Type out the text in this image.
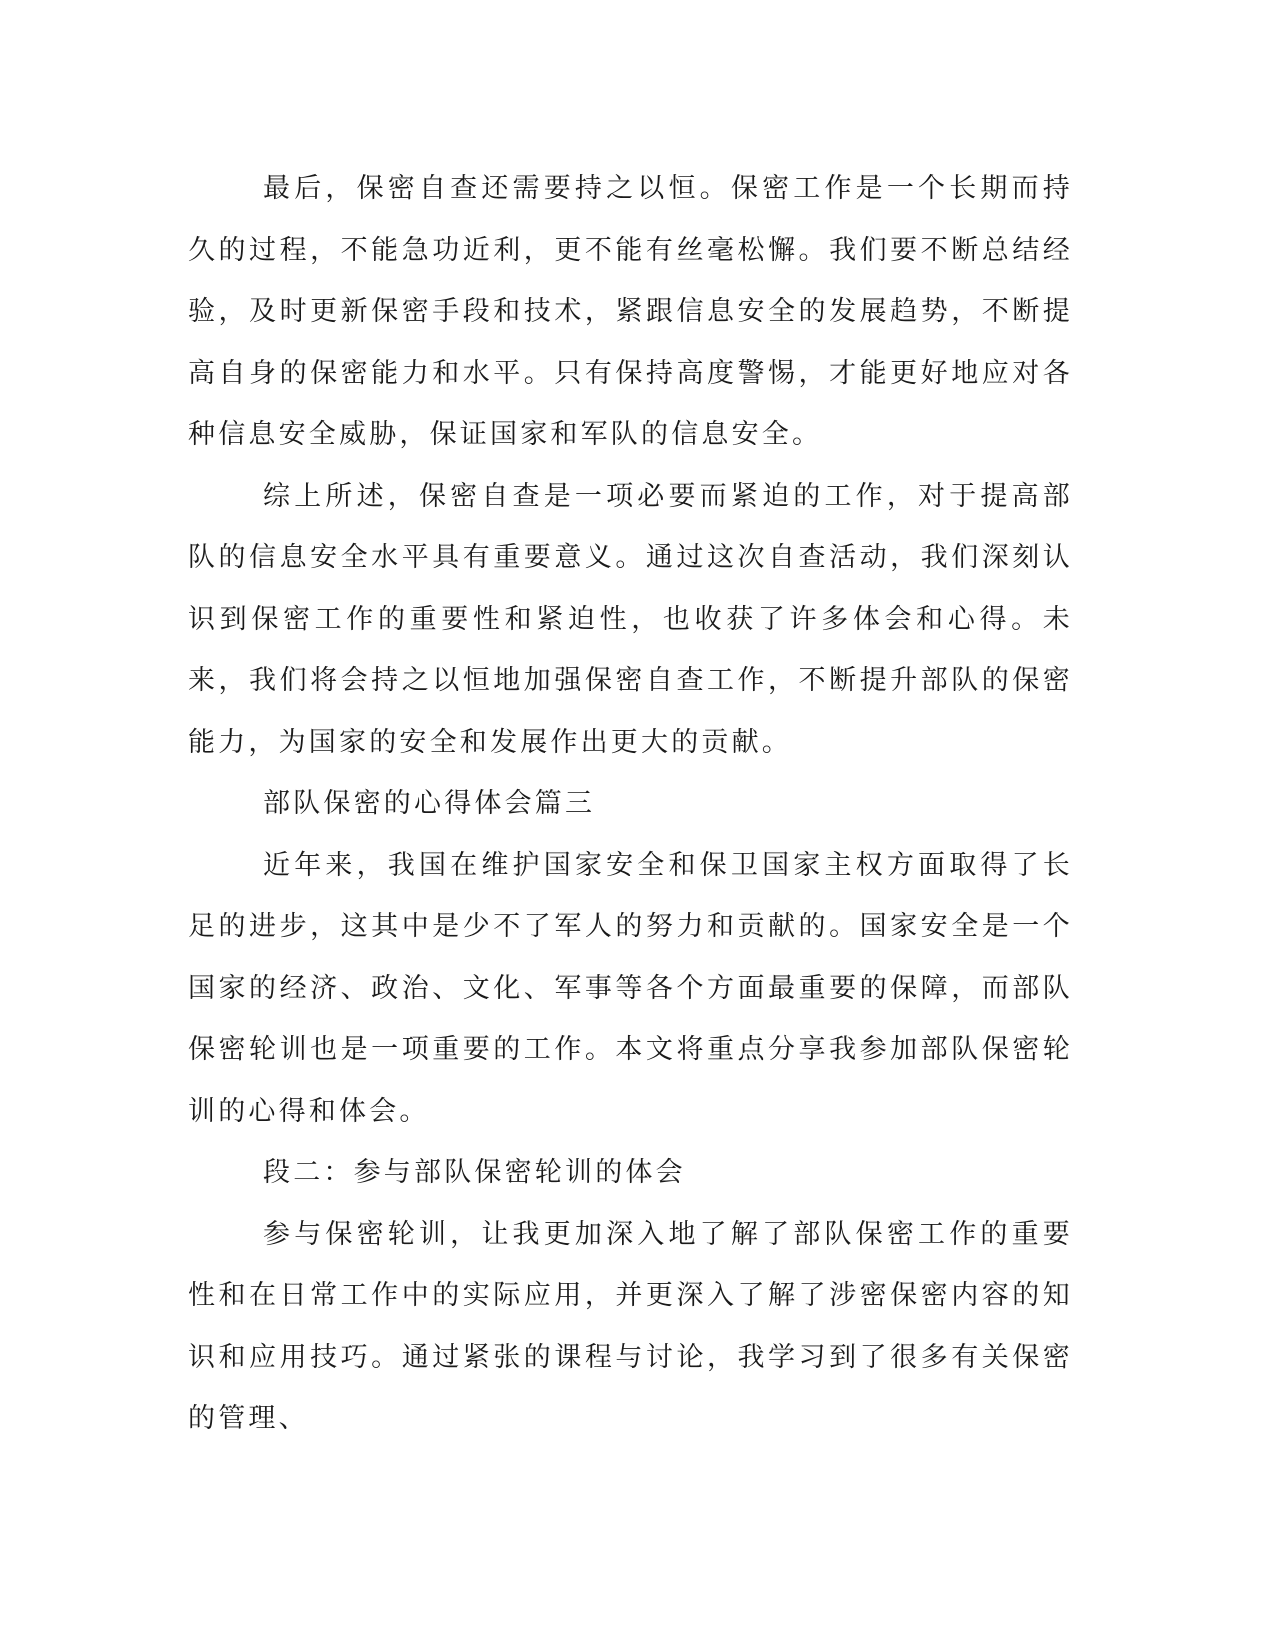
最后，保密自查还需要持之以恒。保密工作是一个长期而持久的过程，不能急功近利，更不能有丝毫松懈。我们要不断总结经验，及时更新保密手段和技术，紧跟信息安全的发展趋势，不断提高自身的保密能力和水平。只有保持高度警惕，才能更好地应对各种信息安全威胁，保证国家和军队的信息安全。

综上所述，保密自查是一项必要而紧迫的工作，对于提高部队的信息安全水平具有重要意义。通过这次自查活动，我们深刻认识到保密工作的重要性和紧迫性，也收获了许多体会和心得。未来，我们将会持之以恒地加强保密自查工作，不断提升部队的保密能力，为国家的安全和发展作出更大的贡献。

部队保密的心得体会篇三

近年来，我国在维护国家安全和保卫国家主权方面取得了长足的进步，这其中是少不了军人的努力和贡献的。国家安全是一个国家的经济、政治、文化、军事等各个方面最重要的保障，而部队保密轮训也是一项重要的工作。本文将重点分享我参加部队保密轮训的心得和体会。

段二：参与部队保密轮训的体会

参与保密轮训，让我更加深入地了解了部队保密工作的重要性和在日常工作中的实际应用，并更深入了解了涉密保密内容的知识和应用技巧。通过紧张的课程与讨论，我学习到了很多有关保密的管理、
